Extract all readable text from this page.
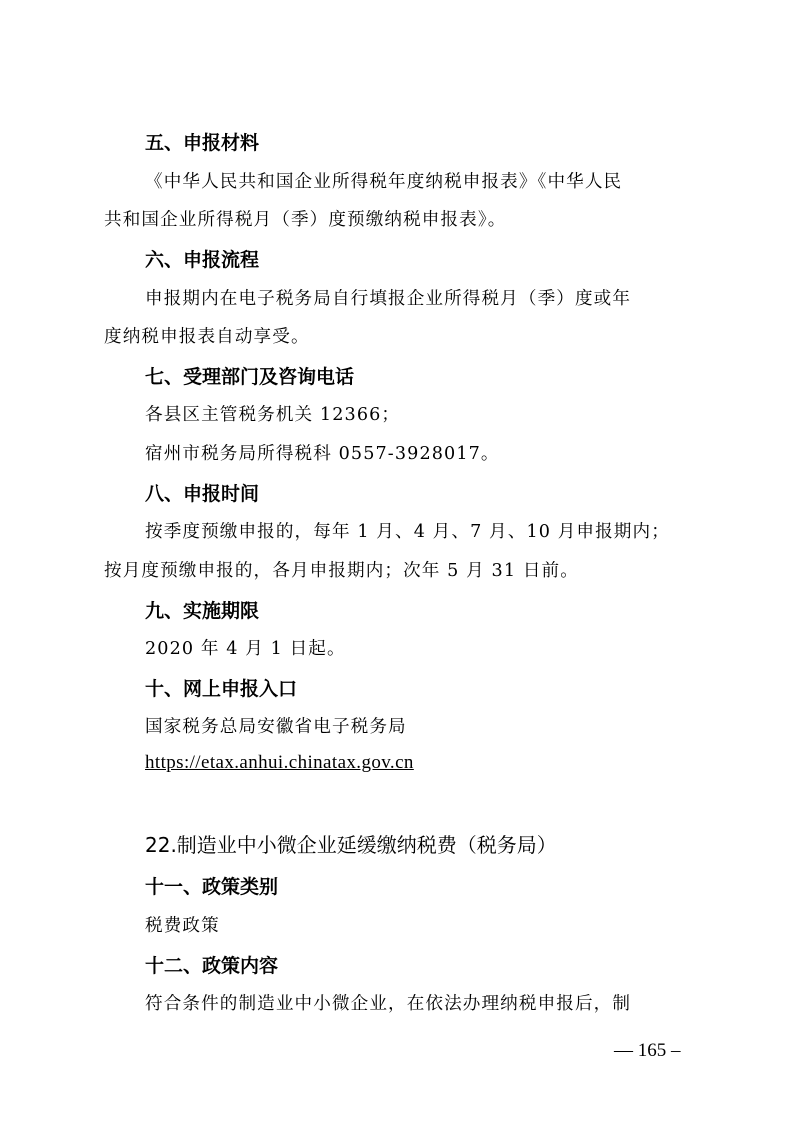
五、申报材料
《中华人民共和国企业所得税年度纳税申报表》《中华人民
共和国企业所得税月（季）度预缴纳税申报表》。
六、申报流程
申报期内在电子税务局自行填报企业所得税月（季）度或年
度纳税申报表自动享受。
七、受理部门及咨询电话
各县区主管税务机关 12366；
宿州市税务局所得税科 0557-3928017。
八、申报时间
按季度预缴申报的，每年 1 月、4 月、7 月、10 月申报期内；
按月度预缴申报的，各月申报期内；次年 5 月 31 日前。
九、实施期限
2020 年 4 月 1 日起。
十、网上申报入口
国家税务总局安徽省电子税务局
https://etax.anhui.chinatax.gov.cn
22.制造业中小微企业延缓缴纳税费（税务局）
十一、政策类别
税费政策
十二、政策内容
符合条件的制造业中小微企业，在依法办理纳税申报后，制
— 165 –
